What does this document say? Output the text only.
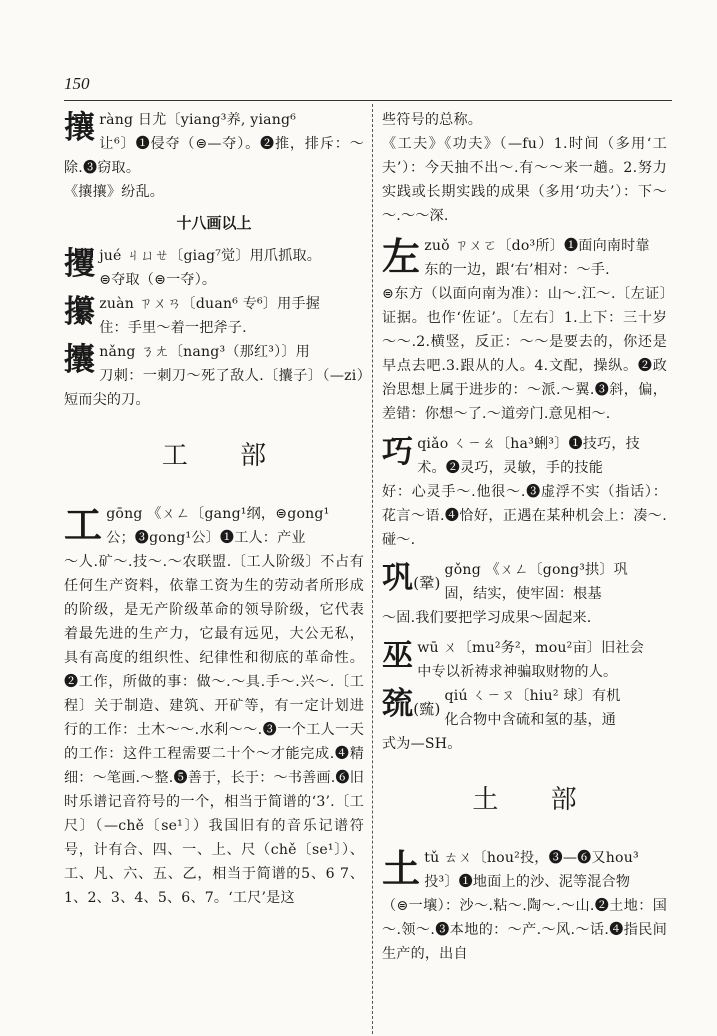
150
攘 ràng 日尤〔yiang³养, yiang⁶
让⁶〕❶侵夺（⊜—夺）。❷推，排斥：～除.❸窃取。
《攘攘》纷乱。
十八画以上
攫 jué ㄐㄩㄝ〔giag⁷觉〕用爪抓取。
⊜夺取（⊜一夺）。
攥 zuàn ㄗㄨㄢ〔duan⁶ 专⁶〕用手握
住：手里～着一把斧子.
攮 nǎng ㄋㄤ〔nang³（那红³）〕用
刀刺：一刺刀～死了敌人.〔攮子〕（—zi）短而尖的刀。
工 部
工 gōng 《ㄨㄥ〔gang¹纲，⊜gong¹
公；❸gong¹公〕❶工人：产业
～人.矿～.技～.～农联盟.〔工人阶级〕不占有任何生产资料，依靠工资为生的劳动者所形成的阶级，是无产阶级革命的领导阶级，它代表着最先进的生产力，它最有远见，大公无私，具有高度的组织性、纪律性和彻底的革命性。❷工作，所做的事：做～.～具.手～.兴～.〔工程〕关于制造、建筑、开矿等，有一定计划进行的工作：土木～～.水利～～.❸一个工人一天的工作：这件工程需要二十个～才能完成.❹精细：～笔画.～整.❺善于，长于：～书善画.❻旧时乐谱记音符号的一个，相当于简谱的‘3’.〔工尺〕（—chě〔se¹〕）我国旧有的音乐记谱符号，计有合、四、一、上、尺（chě〔se¹〕）、工、凡、六、五、乙，相当于简谱的5、6 7、1、2、3、4、5、6、7。‘工尺’是这
些符号的总称。
《工夫》《功夫》（—fu）1.时间（多用‘工夫’）：今天抽不出～.有～～来一趟。2.努力实践或长期实践的成果（多用‘功夫’）：下～～.～～深.
左 zuǒ ㄗㄨㄛ〔do³所〕❶面向南时靠
东的一边，跟‘右’相对：～手.
⊜东方（以面向南为准）：山～.江～.〔左证〕证据。也作‘佐证’。〔左右〕1.上下：三十岁～～.2.横竖，反正：～～是要去的，你还是早点去吧.3.跟从的人。4.文配，操纵。❷政治思想上属于进步的：～派.～翼.❸斜，偏，差错：你想～了.～道旁门.意见相～.
巧 qiǎo ㄑㄧㄠ〔ha³蜊³〕❶技巧，技
术。❷灵巧，灵敏，手的技能
好：心灵手～.他很～.❸虚浮不实（指话）：花言～语.❹恰好，正遇在某种机会上：凑～.碰～.
巩(鞏)
gǒng 《ㄨㄥ〔gong³拱〕巩
固，结实，使牢固：根基
～固.我们要把学习成果～固起来.
巫 wū ㄨ〔mu²务²，mou²亩〕旧社会
中专以祈祷求神骗取财物的人。
巯(巰)
qiú ㄑㄧㄡ〔hiu² 球〕有机
化合物中含硫和氢的基，通
式为—SH。
土 部
土 tǔ ㄊㄨ〔hou²投，❸—❻又hou³
投³〕❶地面上的沙、泥等混合物
（⊜一壤）：沙～.粘～.陶～.～山.❷土地：国～.领～.❸本地的：～产.～风.～话.❹指民间生产的，出自
